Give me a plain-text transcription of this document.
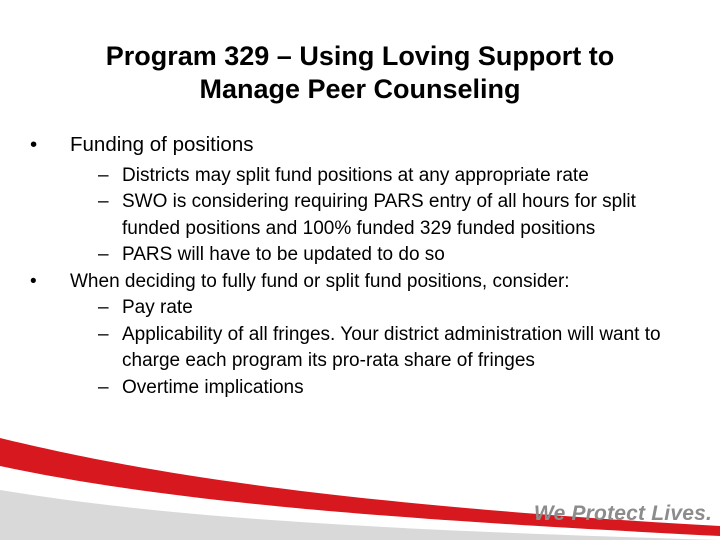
Program 329 – Using Loving Support to
Manage Peer Counseling
• Funding of positions
– Districts may split fund positions at any appropriate rate
– SWO is considering requiring PARS entry of all hours for split funded positions and 100% funded 329 funded positions
– PARS will have to be updated to do so
• When deciding to fully fund or split fund positions, consider:
– Pay rate
– Applicability of all fringes. Your district administration will want to charge each program its pro-rata share of fringes
– Overtime implications
We Protect Lives.
